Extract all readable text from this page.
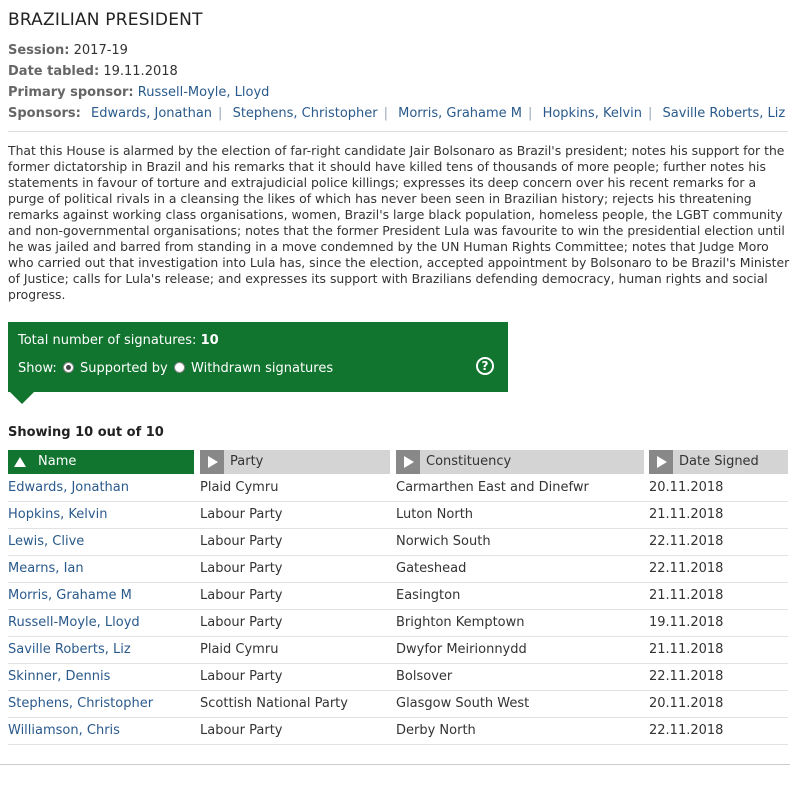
BRAZILIAN PRESIDENT
Session: 2017-19
Date tabled: 19.11.2018
Primary sponsor: Russell-Moyle, Lloyd
Sponsors: Edwards, Jonathan | Stephens, Christopher | Morris, Grahame M | Hopkins, Kelvin | Saville Roberts, Liz

That this House is alarmed by the election of far-right candidate Jair Bolsonaro as Brazil's president; notes his support for the former dictatorship in Brazil and his remarks that it should have killed tens of thousands of more people; further notes his statements in favour of torture and extrajudicial police killings; expresses its deep concern over his recent remarks for a purge of political rivals in a cleansing the likes of which has never been seen in Brazilian history; rejects his threatening remarks against working class organisations, women, Brazil's large black population, homeless people, the LGBT community and non-governmental organisations; notes that the former President Lula was favourite to win the presidential election until he was jailed and barred from standing in a move condemned by the UN Human Rights Committee; notes that Judge Moro who carried out that investigation into Lula has, since the election, accepted appointment by Bolsonaro to be Brazil's Minister of Justice; calls for Lula's release; and expresses its support with Brazilians defending democracy, human rights and social progress.

Total number of signatures: 10
Show: Supported by Withdrawn signatures	?
Showing 10 out of 10
Name	Party	Constituency	Date Signed
Edwards, Jonathan	Plaid Cymru	Carmarthen East and Dinefwr	20.11.2018
Hopkins, Kelvin	Labour Party	Luton North	21.11.2018
Lewis, Clive	Labour Party	Norwich South	22.11.2018
Mearns, Ian	Labour Party	Gateshead	22.11.2018
Morris, Grahame M	Labour Party	Easington	21.11.2018
Russell-Moyle, Lloyd	Labour Party	Brighton Kemptown	19.11.2018
Saville Roberts, Liz	Plaid Cymru	Dwyfor Meirionnydd	21.11.2018
Skinner, Dennis	Labour Party	Bolsover	22.11.2018
Stephens, Christopher	Scottish National Party	Glasgow South West	20.11.2018
Williamson, Chris	Labour Party	Derby North	22.11.2018
